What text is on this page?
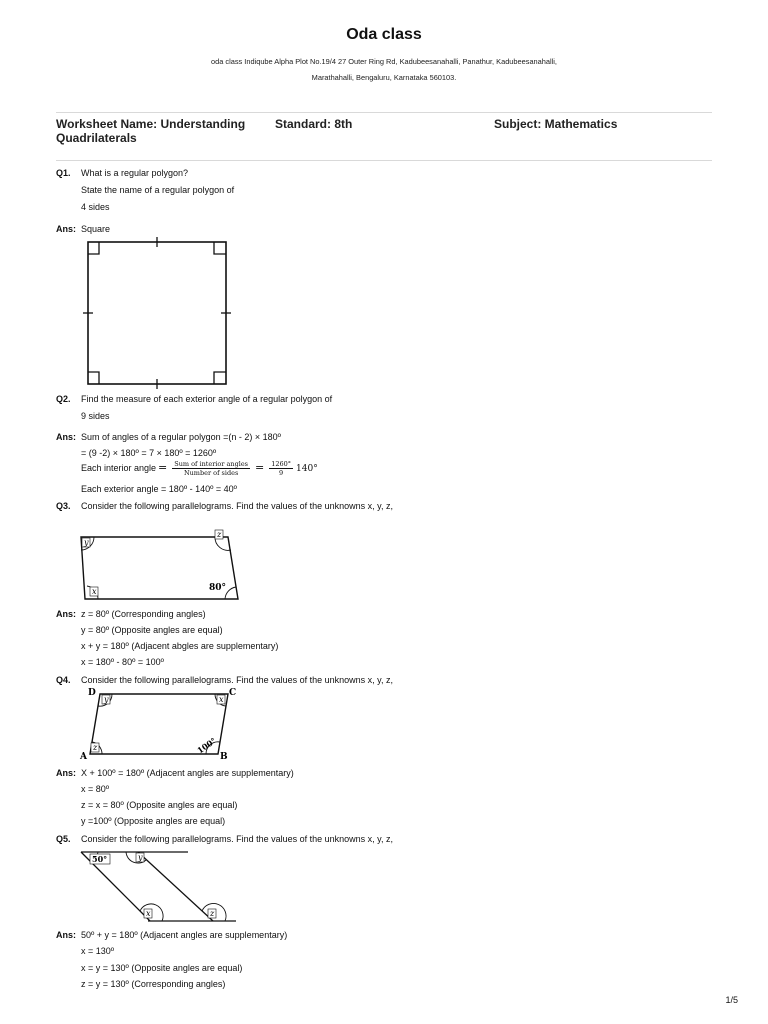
Oda class
oda class Indiqube Alpha Plot No.19/4 27 Outer Ring Rd, Kadubeesanahalli, Panathur, Kadubeesanahalli,
Marathahalli, Bengaluru, Karnataka 560103.
Worksheet Name: Understanding Quadrilaterals
Standard: 8th	Subject: Mathematics
Q1. What is a regular polygon?
State the name of a regular polygon of
4 sides
Ans: Square
Q2. Find the measure of each exterior angle of a regular polygon of
9 sides
Ans: Sum of angles of a regular polygon =(n - 2) × 180º
= (9 -2) × 180º = 7 × 180º = 1260º
Each interior angle = $\frac{\text{Sum of interior angles}}{\text{Number of sides}} = \frac{1260^\circ}{9} 140^\circ$
Each exterior angle = 180º - 140º = 40º
Q3. Consider the following parallelograms. Find the values of the unknowns x, y, z,
y
z
x	80°
Ans: z = 80º (Corresponding angles)
y = 80º (Opposite angles are equal)
x + y = 180º (Adjacent abgles are supplementary)
x = 180º - 80º = 100º
Q4. Consider the following parallelograms. Find the values of the unknowns x, y, z,
y	x
z	100°
D	C
A	B
Ans: X + 100º = 180º (Adjacent angles are supplementary)
x = 80º
z = x = 80º (Opposite angles are equal)
y =100º (Opposite angles are equal)
Q5. Consider the following parallelograms. Find the values of the unknowns x, y, z,
50°	y
x	z
Ans: 50º + y = 180º (Adjacent angles are supplementary)
x = 130º
x = y = 130º (Opposite angles are equal)
z = y = 130º (Corresponding angles)
1/5
